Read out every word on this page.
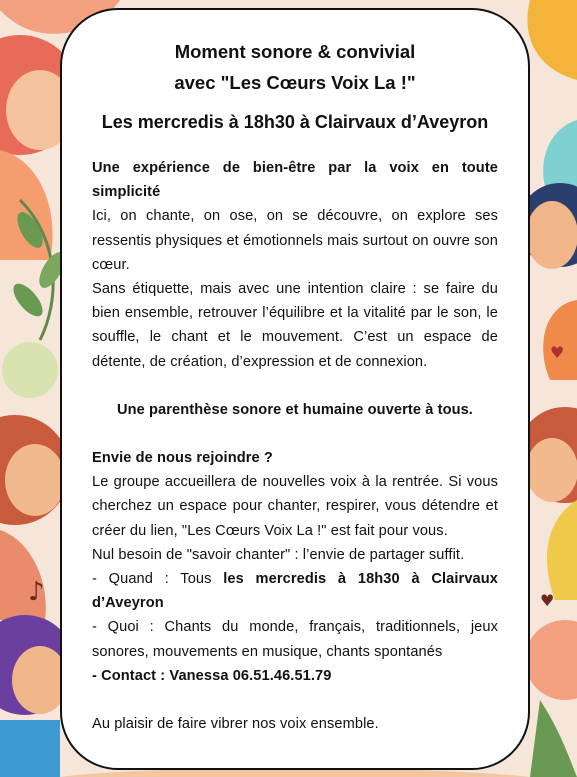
♪
♥
♥
Moment sonore & convivial
avec "Les Cœurs Voix La !"
Les mercredis à 18h30 à Clairvaux d’Aveyron
Une expérience de bien-être par la voix en toute simplicité
Ici, on chante, on ose, on se découvre, on explore ses ressentis physiques et émotionnels mais surtout on ouvre son cœur.
Sans étiquette, mais avec une intention claire : se faire du bien ensemble, retrouver l’équilibre et la vitalité par le son, le souffle, le chant et le mouvement. C’est un espace de détente, de création, d’expression et de connexion.
Une parenthèse sonore et humaine ouverte à tous.
Envie de nous rejoindre ?
Le groupe accueillera de nouvelles voix à la rentrée. Si vous cherchez un espace pour chanter, respirer, vous détendre et créer du lien, "Les Cœurs Voix La !" est fait pour vous.
Nul besoin de "savoir chanter" : l’envie de partager suffit.
- Quand : Tous les mercredis à 18h30 à Clairvaux d’Aveyron
- Quoi : Chants du monde, français, traditionnels, jeux sonores, mouvements en musique, chants spontanés
- Contact : Vanessa 06.51.46.51.79
Au plaisir de faire vibrer nos voix ensemble.
